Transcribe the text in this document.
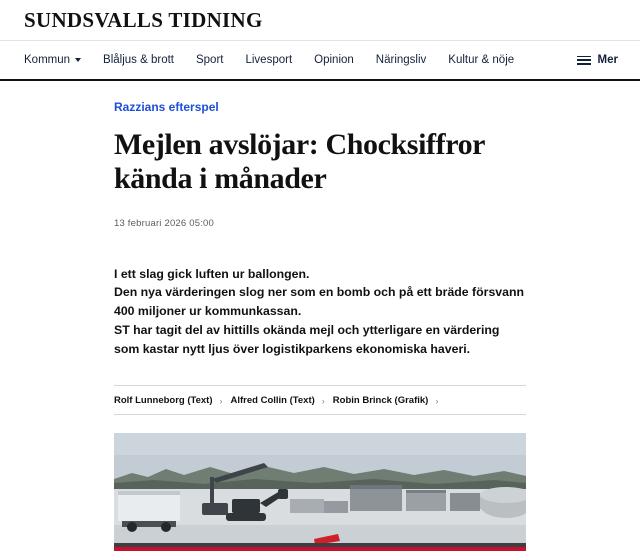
SUNDSVALLS TIDNING
Kommun	Blåljus & brott Sport Livesport Opinion Näringsliv Kultur & nöje	Mer
Razzians efterspel
Mejlen avslöjar: Chocksiffror kända i månader
13 februari 2026 05:00

I ett slag gick luften ur ballongen.

Den nya värderingen slog ner som en bomb och på ett bräde försvann 400 miljoner ur kommunkassan.

ST har tagit del av hittills okända mejl och ytterligare en värdering som kastar nytt ljus över logistikparkens ekonomiska haveri.

Rolf Lunneborg (Text) › Alfred Collin (Text) › Robin Brinck (Grafik) ›
